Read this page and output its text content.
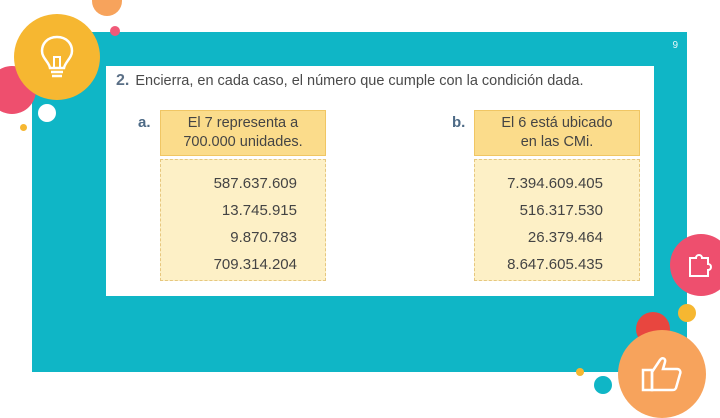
9
2. Encierra, en cada caso, el número que cumple con la condición dada.
a.	El 7 representa a
700.000 unidades.
587.637.609
13.745.915
9.870.783
709.314.204
b. El 6 está ubicado
en las CMi.
7.394.609.405
516.317.530
26.379.464
8.647.605.435
